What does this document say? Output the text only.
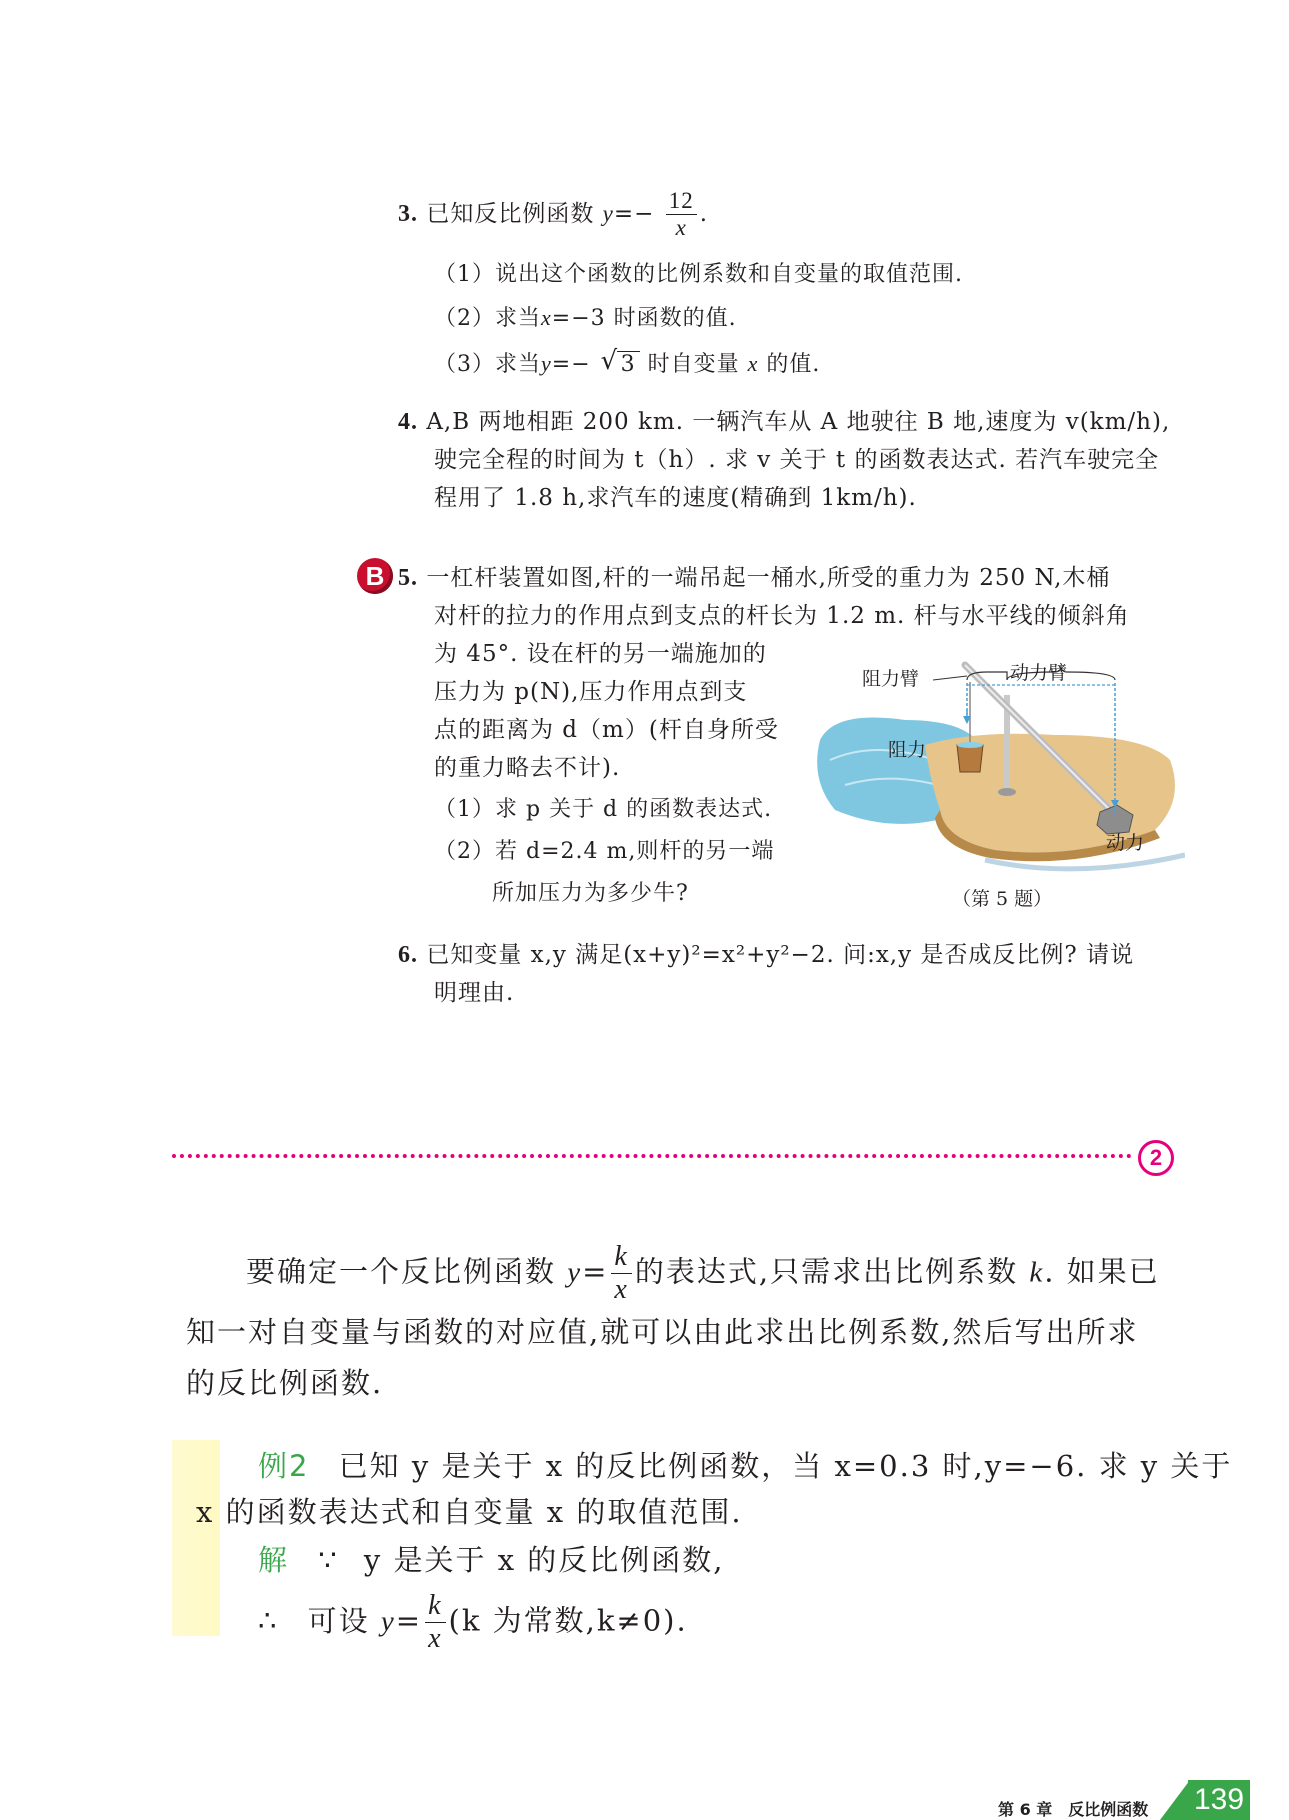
3. 已知反比例函数 $y=- \frac{12}{x}$ .
（1）说出这个函数的比例系数和自变量的取值范围.
（2）求当x=−3 时函数的值.
（3）求当y=− √ 3 时自变量 x 的值.
4. A,B 两地相距 200 km. 一辆汽车从 A 地驶往 B 地,速度为 v(km/h),
驶完全程的时间为 t（h）. 求 v 关于 t 的函数表达式. 若汽车驶完全
程用了 1.8 h,求汽车的速度(精确到 1km/h).
B 5. 一杠杆装置如图,杆的一端吊起一桶水,所受的重力为 250 N,木桶
对杆的拉力的作用点到支点的杆长为 1.2 m. 杆与水平线的倾斜角
为 45°. 设在杆的另一端施加的
压力为 p(N),压力作用点到支
点的距离为 d（m）(杆自身所受
的重力略去不计).
（1）求 p 关于 d 的函数表达式.
（2）若 d=2.4 m,则杆的另一端
所加压力为多少牛?
阻力臂	动力臂
阻力
动力
（第 5 题）
6. 已知变量 x,y 满足(x+y)²=x²+y²−2. 问:x,y 是否成反比例? 请说
明理由.
2
要确定一个反比例函数 $y= \frac{k}{x}$ 的表达式,只需求出比例系数 k. 如果已
知一对自变量与函数的对应值,就可以由此求出比例系数,然后写出所求
的反比例函数.
例2 已知 y 是关于 x 的反比例函数，当 x=0.3 时,y=−6. 求 y 关于
x 的函数表达式和自变量 x 的取值范围.
解 ∵ y 是关于 x 的反比例函数,
∴ 可设 $y= \frac{k}{x} (k$ 为常数,k≠0).
第 6 章　反比例函数 139
